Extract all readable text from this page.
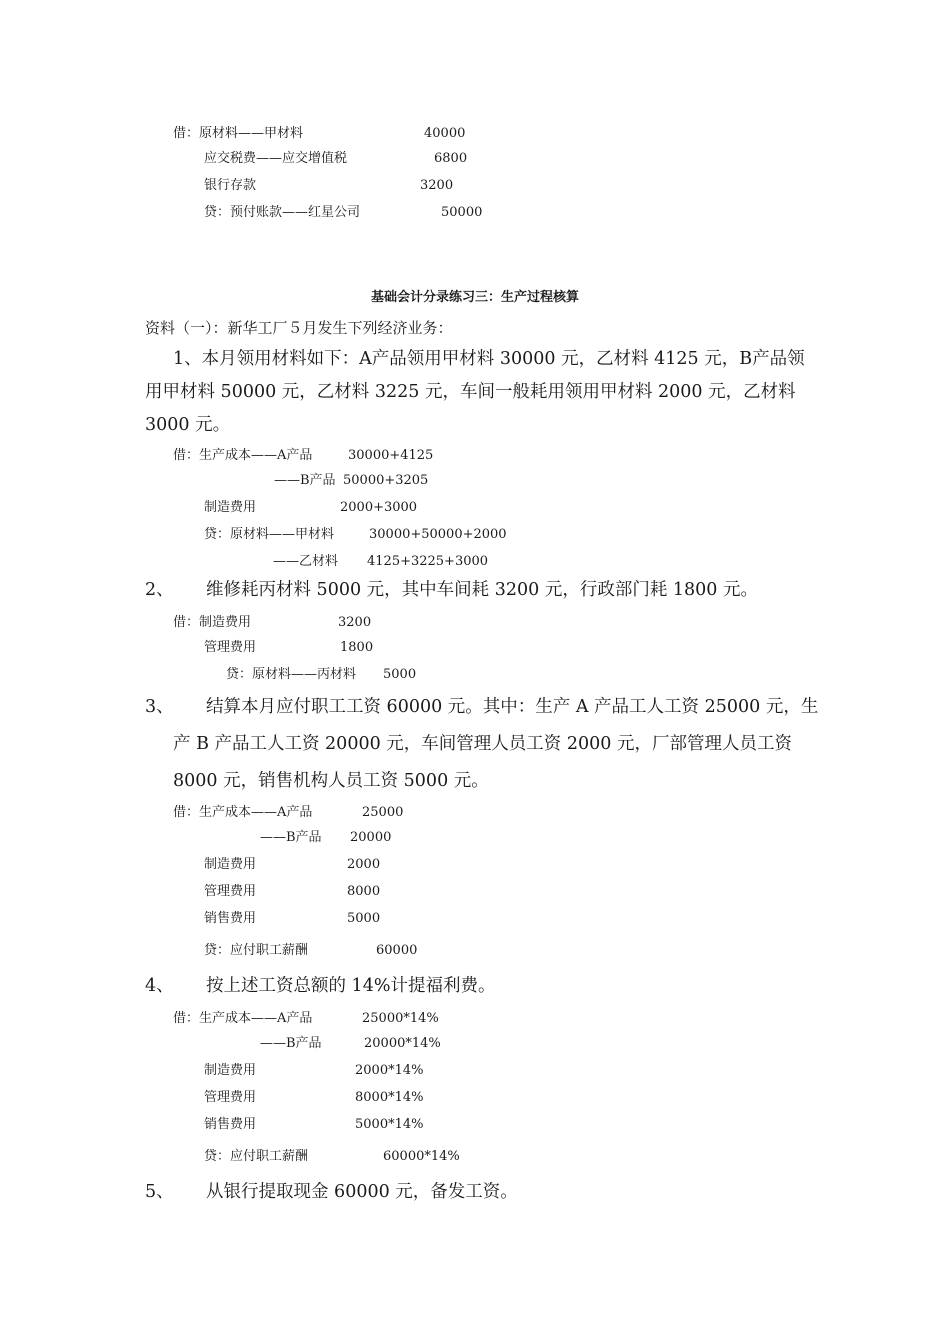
借：原材料——甲材料	40000
应交税费——应交增值税	6800
银行存款	3200
贷：预付账款——红星公司	50000
基础会计分录练习三：生产过程核算
资料（一）：新华工厂５月发生下列经济业务：
1、本月领用材料如下：A产品领用甲材料 30000 元，乙材料 4125 元，B产品领
用甲材料 50000 元，乙材料 3225 元，车间一般耗用领用甲材料 2000 元，乙材料
3000 元。
借：生产成本——A产品	30000+4125
——B产品 50000+3205
制造费用	2000+3000
贷：原材料——甲材料	30000+50000+2000
——乙材料 4125+3225+3000
2、 维修耗丙材料 5000 元，其中车间耗 3200 元，行政部门耗 1800 元。
借：制造费用	3200
管理费用	1800
贷：原材料——丙材料 5000
3、 结算本月应付职工工资 60000 元。其中：生产 A 产品工人工资 25000 元，生
产 B 产品工人工资 20000 元，车间管理人员工资 2000 元，厂部管理人员工资
8000 元，销售机构人员工资 5000 元。
借：生产成本——A产品	25000
——B产品 20000
制造费用	2000
管理费用	8000
销售费用	5000
贷：应付职工薪酬	60000
4、 按上述工资总额的 14%计提福利费。
借：生产成本——A产品	25000*14%
——B产品	20000*14%
制造费用	2000*14%
管理费用	8000*14%
销售费用	5000*14%
贷：应付职工薪酬	60000*14%
5、 从银行提取现金 60000 元，备发工资。
